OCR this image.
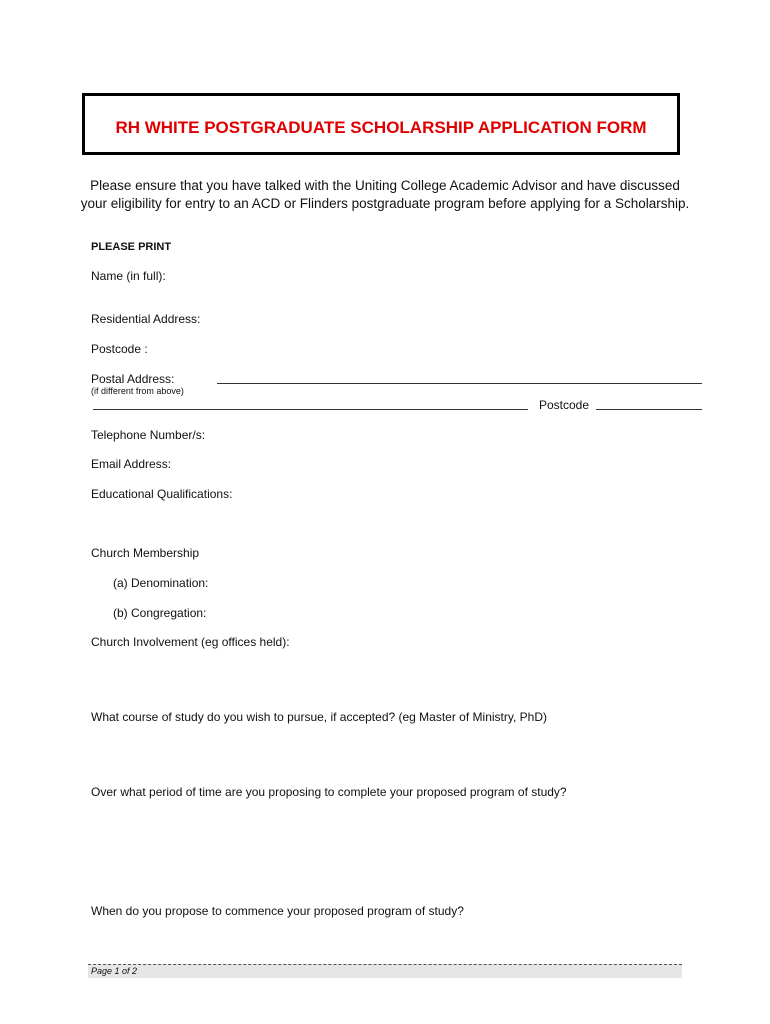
RH WHITE POSTGRADUATE SCHOLARSHIP APPLICATION FORM
Please ensure that you have talked with the Uniting College Academic Advisor and have discussed your eligibility for entry to an ACD or Flinders postgraduate program before applying for a Scholarship.
PLEASE PRINT
Name (in full):
Residential Address:
Postcode :
Postal Address:
(if different from above)
Postcode
Telephone Number/s:
Email Address:
Educational Qualifications:
Church Membership
(a) Denomination:
(b) Congregation:
Church Involvement (eg offices held):
What course of study do you wish to pursue, if accepted? (eg Master of Ministry, PhD)
Over what period of time are you proposing to complete your proposed program of study?
When do you propose to commence your proposed program of study?
Page 1 of 2
